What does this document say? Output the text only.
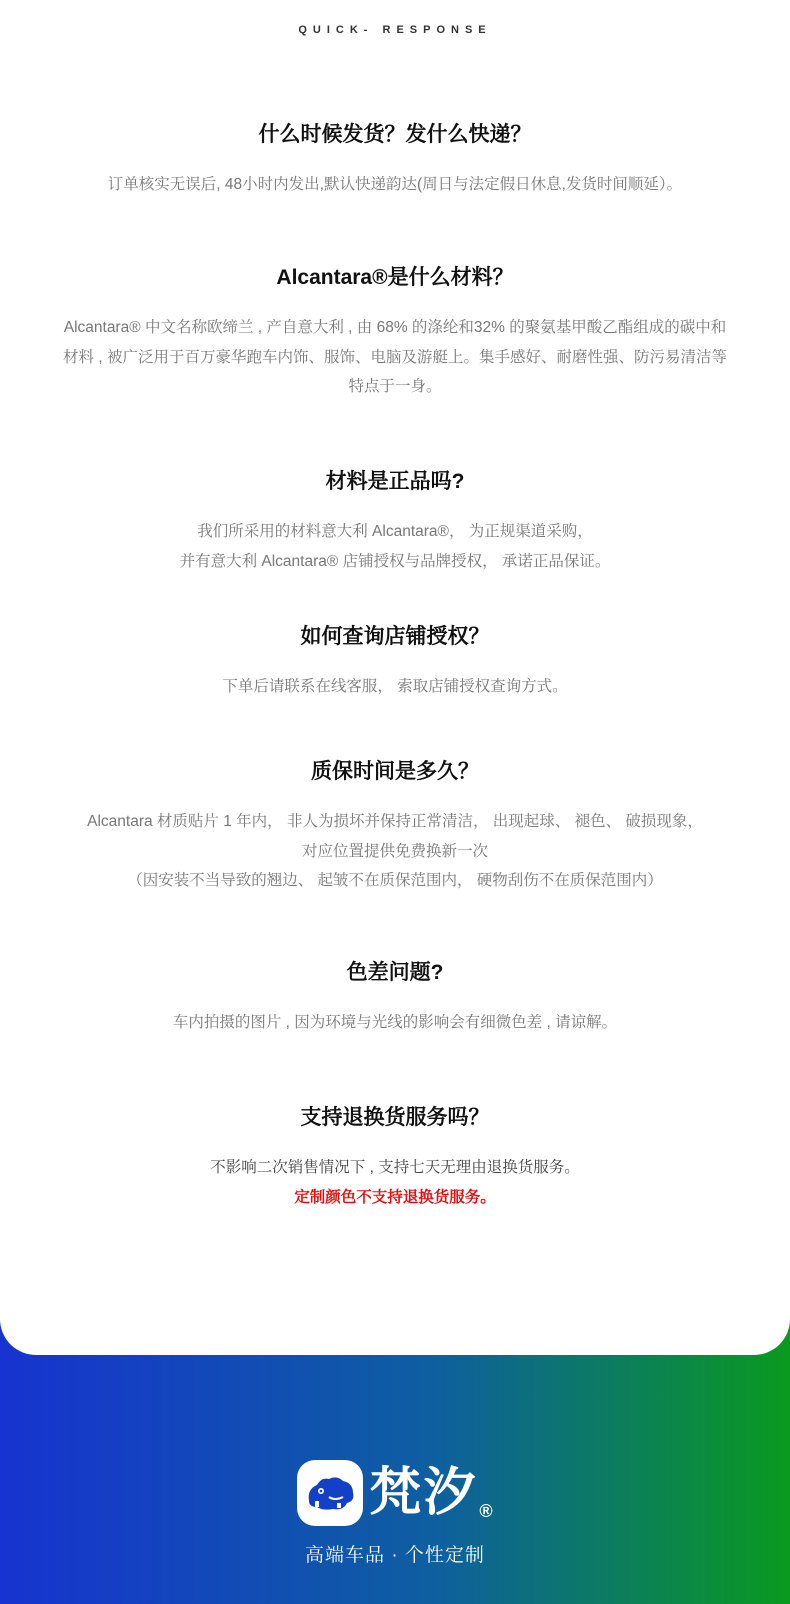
QUICK- RESPONSE
什么时候发货？发什么快递？
订单核实无误后, 48小时内发出,默认快递韵达(周日与法定假日休息,发货时间顺延）。
Alcantara®是什么材料？
Alcantara® 中文名称欧缔兰 , 产自意大利 , 由 68% 的涤纶和32% 的聚氨基甲酸乙酯组成的碳中和
材料 , 被广泛用于百万豪华跑车内饰、服饰、电脑及游艇上。集手感好、耐磨性强、防污易清洁等
特点于一身。
材料是正品吗?
我们所采用的材料意大利 Alcantara®， 为正规渠道采购，
并有意大利 Alcantara® 店铺授权与品牌授权， 承诺正品保证。
如何查询店铺授权？
下单后请联系在线客服， 索取店铺授权查询方式。
质保时间是多久？
Alcantara 材质贴片 1 年内， 非人为损坏并保持正常清洁， 出现起球、 褪色、 破损现象，
对应位置提供免费换新一次
（因安装不当导致的翘边、 起皱不在质保范围内， 硬物刮伤不在质保范围内）
色差问题?
车内拍摄的图片 , 因为环境与光线的影响会有细微色差 , 请谅解。
支持退换货服务吗？
不影响二次销售情况下 , 支持七天无理由退换货服务。
定制颜色不支持退换货服务。
梵汐 ®
高端车品 · 个性定制
